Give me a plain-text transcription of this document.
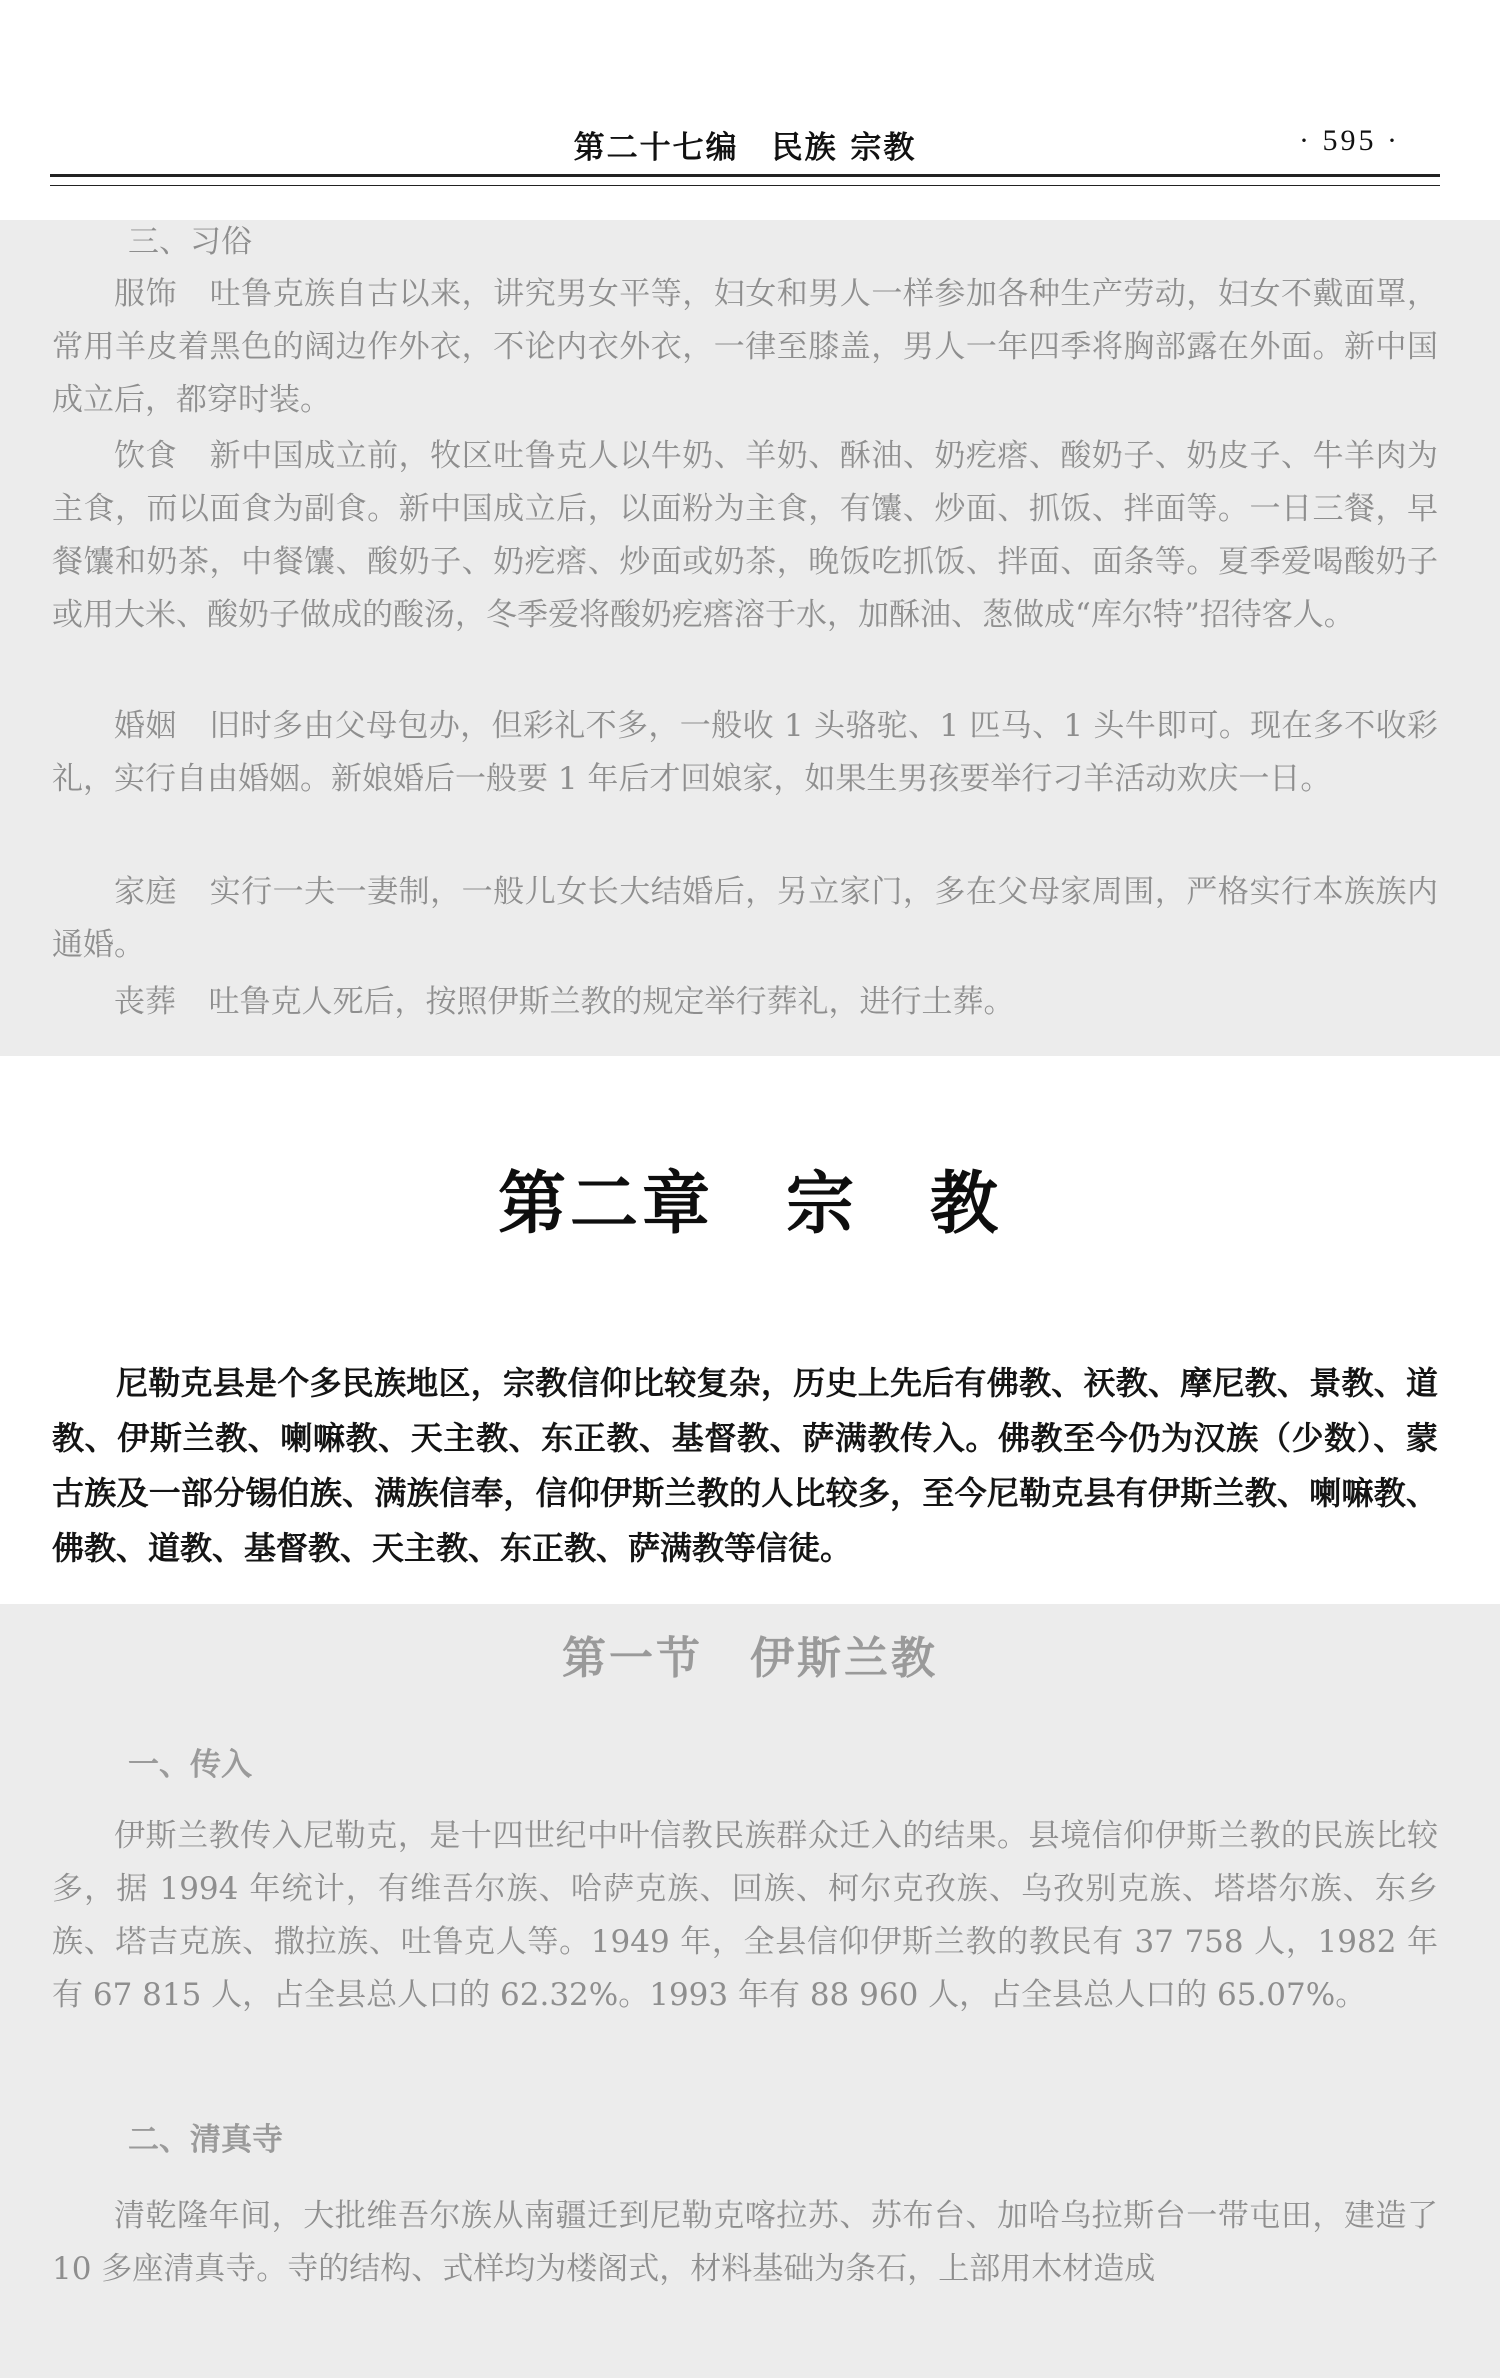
第二十七编　民族 宗教	· 595 ·

三、习俗

服饰 吐鲁克族自古以来，讲究男女平等，妇女和男人一样参加各种生产劳动，妇女不戴面罩，常用羊皮着黑色的阔边作外衣，不论内衣外衣，一律至膝盖，男人一年四季将胸部露在外面。新中国成立后，都穿时装。

饮食 新中国成立前，牧区吐鲁克人以牛奶、羊奶、酥油、奶疙瘩、酸奶子、奶皮子、牛羊肉为主食，而以面食为副食。新中国成立后，以面粉为主食，有馕、炒面、抓饭、拌面等。一日三餐，早餐馕和奶茶，中餐馕、酸奶子、奶疙瘩、炒面或奶茶，晚饭吃抓饭、拌面、面条等。夏季爱喝酸奶子或用大米、酸奶子做成的酸汤，冬季爱将酸奶疙瘩溶于水，加酥油、葱做成“库尔特”招待客人。

婚姻 旧时多由父母包办，但彩礼不多，一般收 1 头骆驼、1 匹马、1 头牛即可。现在多不收彩礼，实行自由婚姻。新娘婚后一般要 1 年后才回娘家，如果生男孩要举行刁羊活动欢庆一日。

家庭 实行一夫一妻制，一般儿女长大结婚后，另立家门，多在父母家周围，严格实行本族族内通婚。

丧葬 吐鲁克人死后，按照伊斯兰教的规定举行葬礼，进行土葬。

第二章　宗　教

尼勒克县是个多民族地区，宗教信仰比较复杂，历史上先后有佛教、祆教、摩尼教、景教、道教、伊斯兰教、喇嘛教、天主教、东正教、基督教、萨满教传入。佛教至今仍为汉族（少数）、蒙古族及一部分锡伯族、满族信奉，信仰伊斯兰教的人比较多，至今尼勒克县有伊斯兰教、喇嘛教、佛教、道教、基督教、天主教、东正教、萨满教等信徒。

第一节　伊斯兰教

一、传入

伊斯兰教传入尼勒克，是十四世纪中叶信教民族群众迁入的结果。县境信仰伊斯兰教的民族比较多，据 1994 年统计，有维吾尔族、哈萨克族、回族、柯尔克孜族、乌孜别克族、塔塔尔族、东乡族、塔吉克族、撒拉族、吐鲁克人等。1949 年，全县信仰伊斯兰教的教民有 37 758 人，1982 年有 67 815 人，占全县总人口的 62.32%。1993 年有 88 960 人，占全县总人口的 65.07%。

二、清真寺

清乾隆年间，大批维吾尔族从南疆迁到尼勒克喀拉苏、苏布台、加哈乌拉斯台一带屯田，建造了 10 多座清真寺。寺的结构、式样均为楼阁式，材料基础为条石，上部用木材造成
